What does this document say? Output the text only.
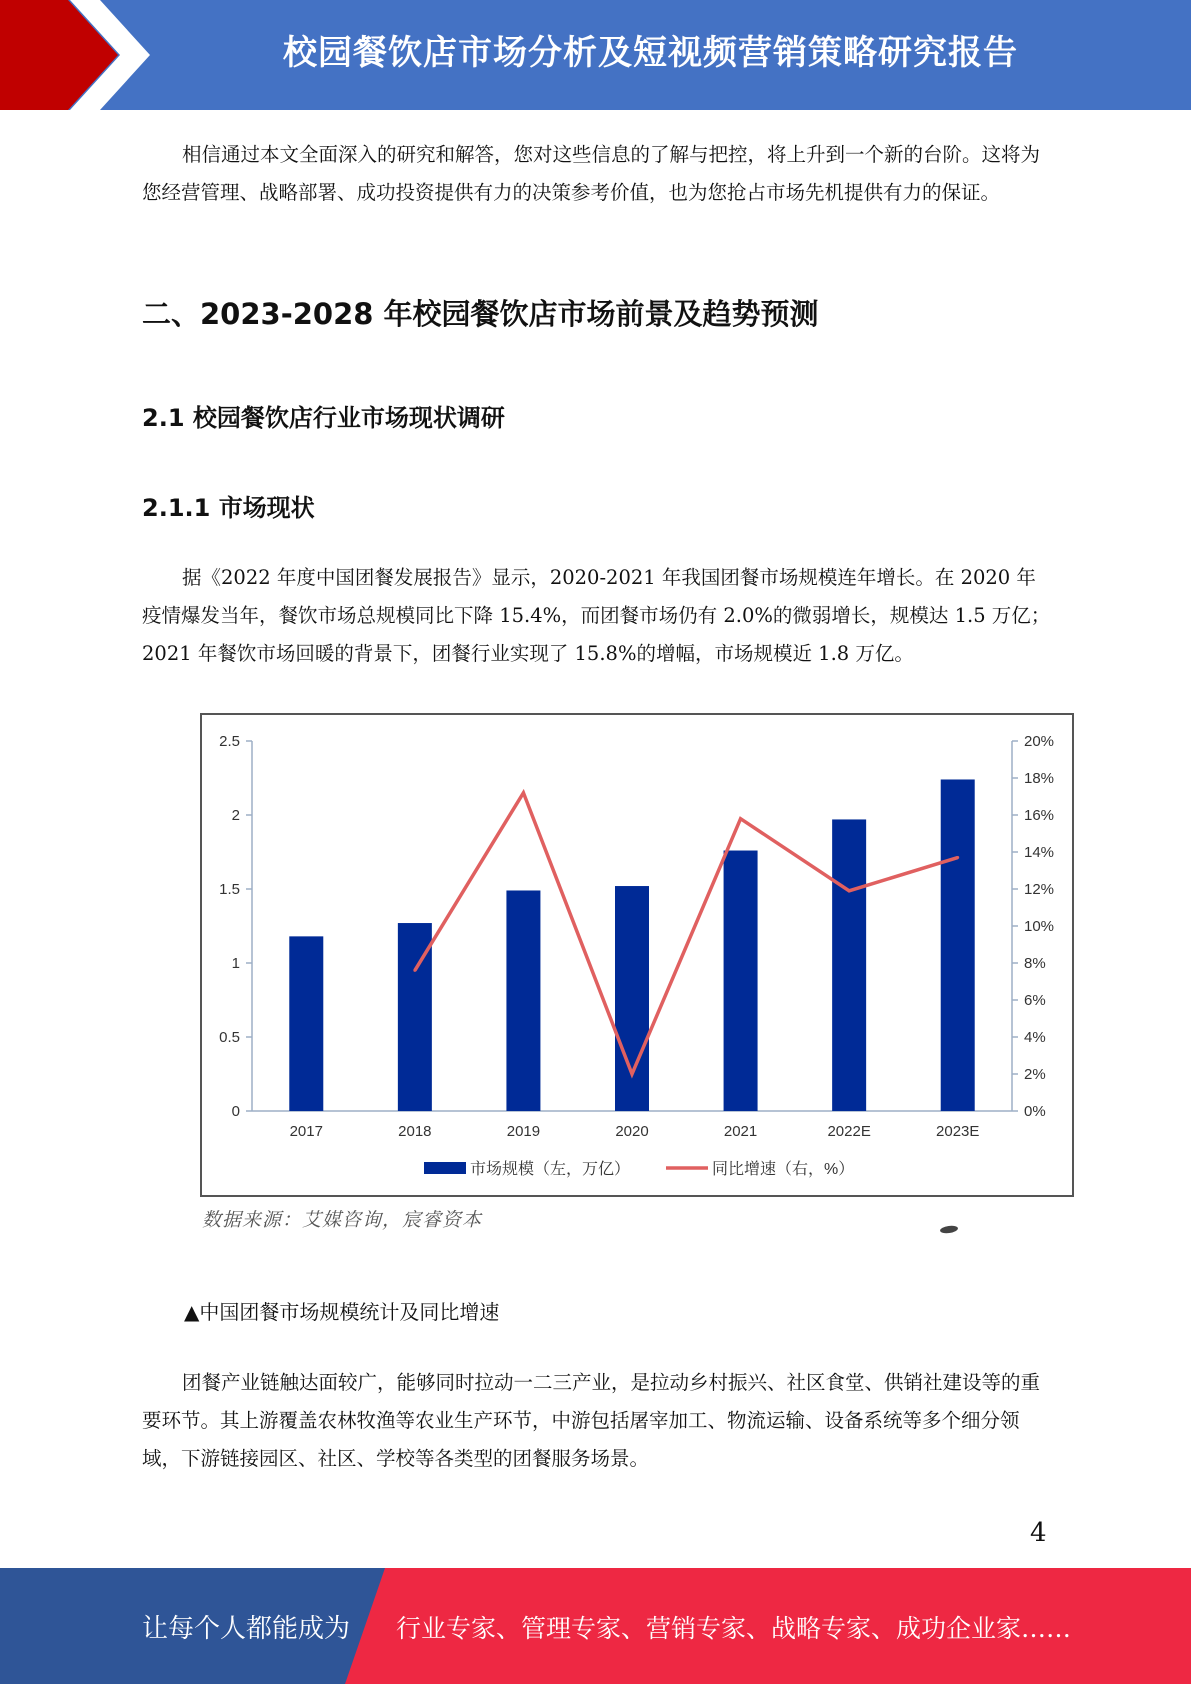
校园餐饮店市场分析及短视频营销策略研究报告

相信通过本文全面深入的研究和解答，您对这些信息的了解与把控，将上升到一个新的台阶。这将为您经营管理、战略部署、成功投资提供有力的决策参考价值，也为您抢占市场先机提供有力的保证。

二、2023-2028 年校园餐饮店市场前景及趋势预测
2.1 校园餐饮店行业市场现状调研
2.1.1 市场现状

据《2022 年度中国团餐发展报告》显示，2020-2021 年我国团餐市场规模连年增长。在 2020 年疫情爆发当年，餐饮市场总规模同比下降 15.4%，而团餐市场仍有 2.0%的微弱增长，规模达 1.5 万亿；2021 年餐饮市场回暖的背景下，团餐行业实现了 15.8%的增幅，市场规模近 1.8 万亿。

0
0.5
1
1.5
2
2.5
0%
2%
4%
6%
8%
10%
12%
14%
16%
18%
20%
2017	2018	2019	2020	2021	2022E	2023E
市场规模（左，万亿）	同比增速（右，%）
数据来源：艾媒咨询，宸睿资本
▲中国团餐市场规模统计及同比增速

团餐产业链触达面较广，能够同时拉动一二三产业，是拉动乡村振兴、社区食堂、供销社建设等的重要环节。其上游覆盖农林牧渔等农业生产环节，中游包括屠宰加工、物流运输、设备系统等多个细分领域，下游链接园区、社区、学校等各类型的团餐服务场景。

4
让每个人都能成为 行业专家、管理专家、营销专家、战略专家、成功企业家……
